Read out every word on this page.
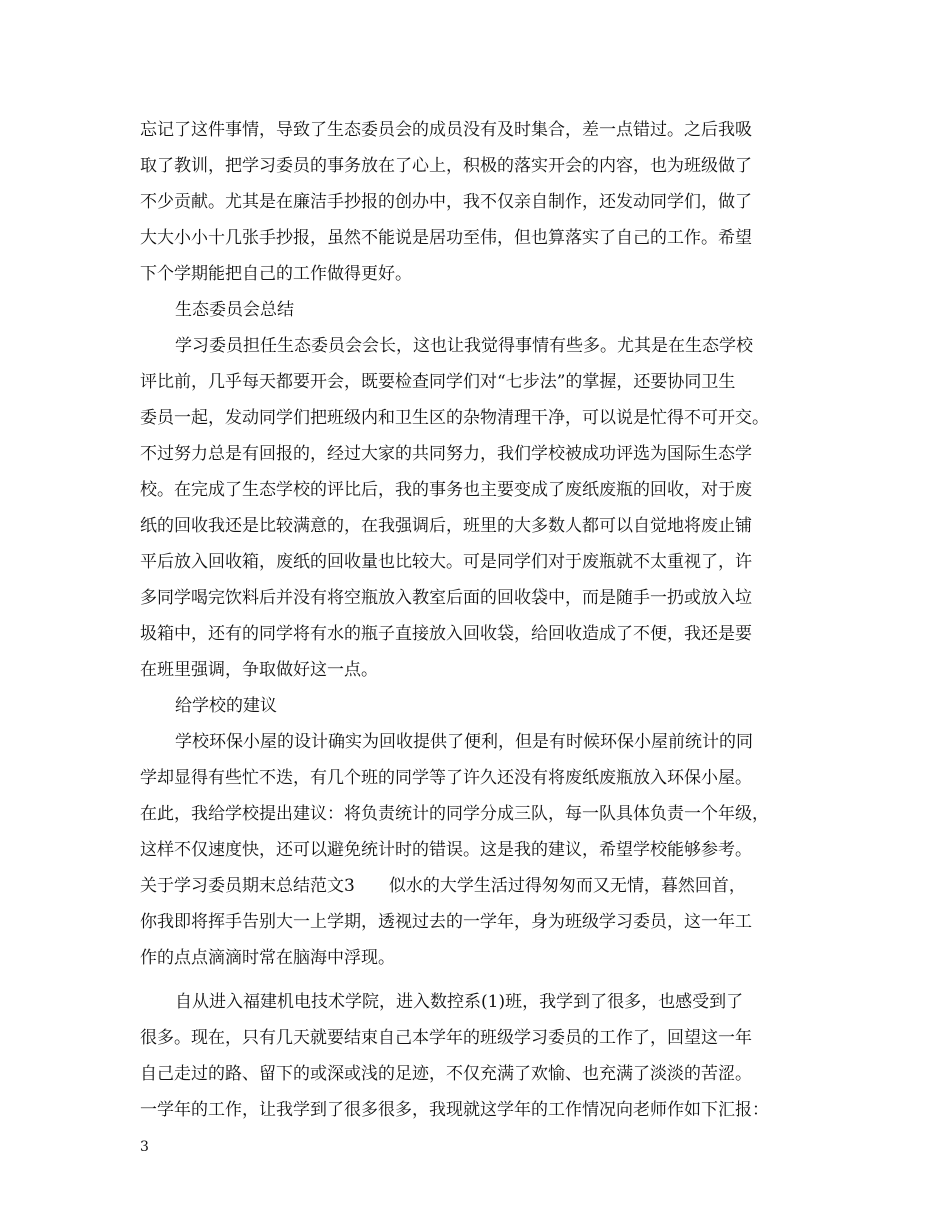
忘记了这件事情，导致了生态委员会的成员没有及时集合，差一点错过。之后我吸
取了教训，把学习委员的事务放在了心上，积极的落实开会的内容，也为班级做了
不少贡献。尤其是在廉洁手抄报的创办中，我不仅亲自制作，还发动同学们，做了
大大小小十几张手抄报，虽然不能说是居功至伟，但也算落实了自己的工作。希望
下个学期能把自己的工作做得更好。
生态委员会总结
学习委员担任生态委员会会长，这也让我觉得事情有些多。尤其是在生态学校
评比前，几乎每天都要开会，既要检查同学们对“七步法”的掌握，还要协同卫生
委员一起，发动同学们把班级内和卫生区的杂物清理干净，可以说是忙得不可开交。
不过努力总是有回报的，经过大家的共同努力，我们学校被成功评选为国际生态学
校。在完成了生态学校的评比后，我的事务也主要变成了废纸废瓶的回收，对于废
纸的回收我还是比较满意的，在我强调后，班里的大多数人都可以自觉地将废止铺
平后放入回收箱，废纸的回收量也比较大。可是同学们对于废瓶就不太重视了，许
多同学喝完饮料后并没有将空瓶放入教室后面的回收袋中，而是随手一扔或放入垃
圾箱中，还有的同学将有水的瓶子直接放入回收袋，给回收造成了不便，我还是要
在班里强调，争取做好这一点。
给学校的建议
学校环保小屋的设计确实为回收提供了便利，但是有时候环保小屋前统计的同
学却显得有些忙不迭，有几个班的同学等了许久还没有将废纸废瓶放入环保小屋。
在此，我给学校提出建议：将负责统计的同学分成三队，每一队具体负责一个年级，
这样不仅速度快，还可以避免统计时的错误。这是我的建议，希望学校能够参考。
关于学习委员期末总结范文3　　似水的大学生活过得匆匆而又无情，暮然回首，
你我即将挥手告别大一上学期，透视过去的一学年，身为班级学习委员，这一年工
作的点点滴滴时常在脑海中浮现。
自从进入福建机电技术学院，进入数控系(1)班，我学到了很多，也感受到了
很多。现在，只有几天就要结束自己本学年的班级学习委员的工作了，回望这一年
自己走过的路、留下的或深或浅的足迹，不仅充满了欢愉、也充满了淡淡的苦涩。
一学年的工作，让我学到了很多很多，我现就这学年的工作情况向老师作如下汇报：
3
